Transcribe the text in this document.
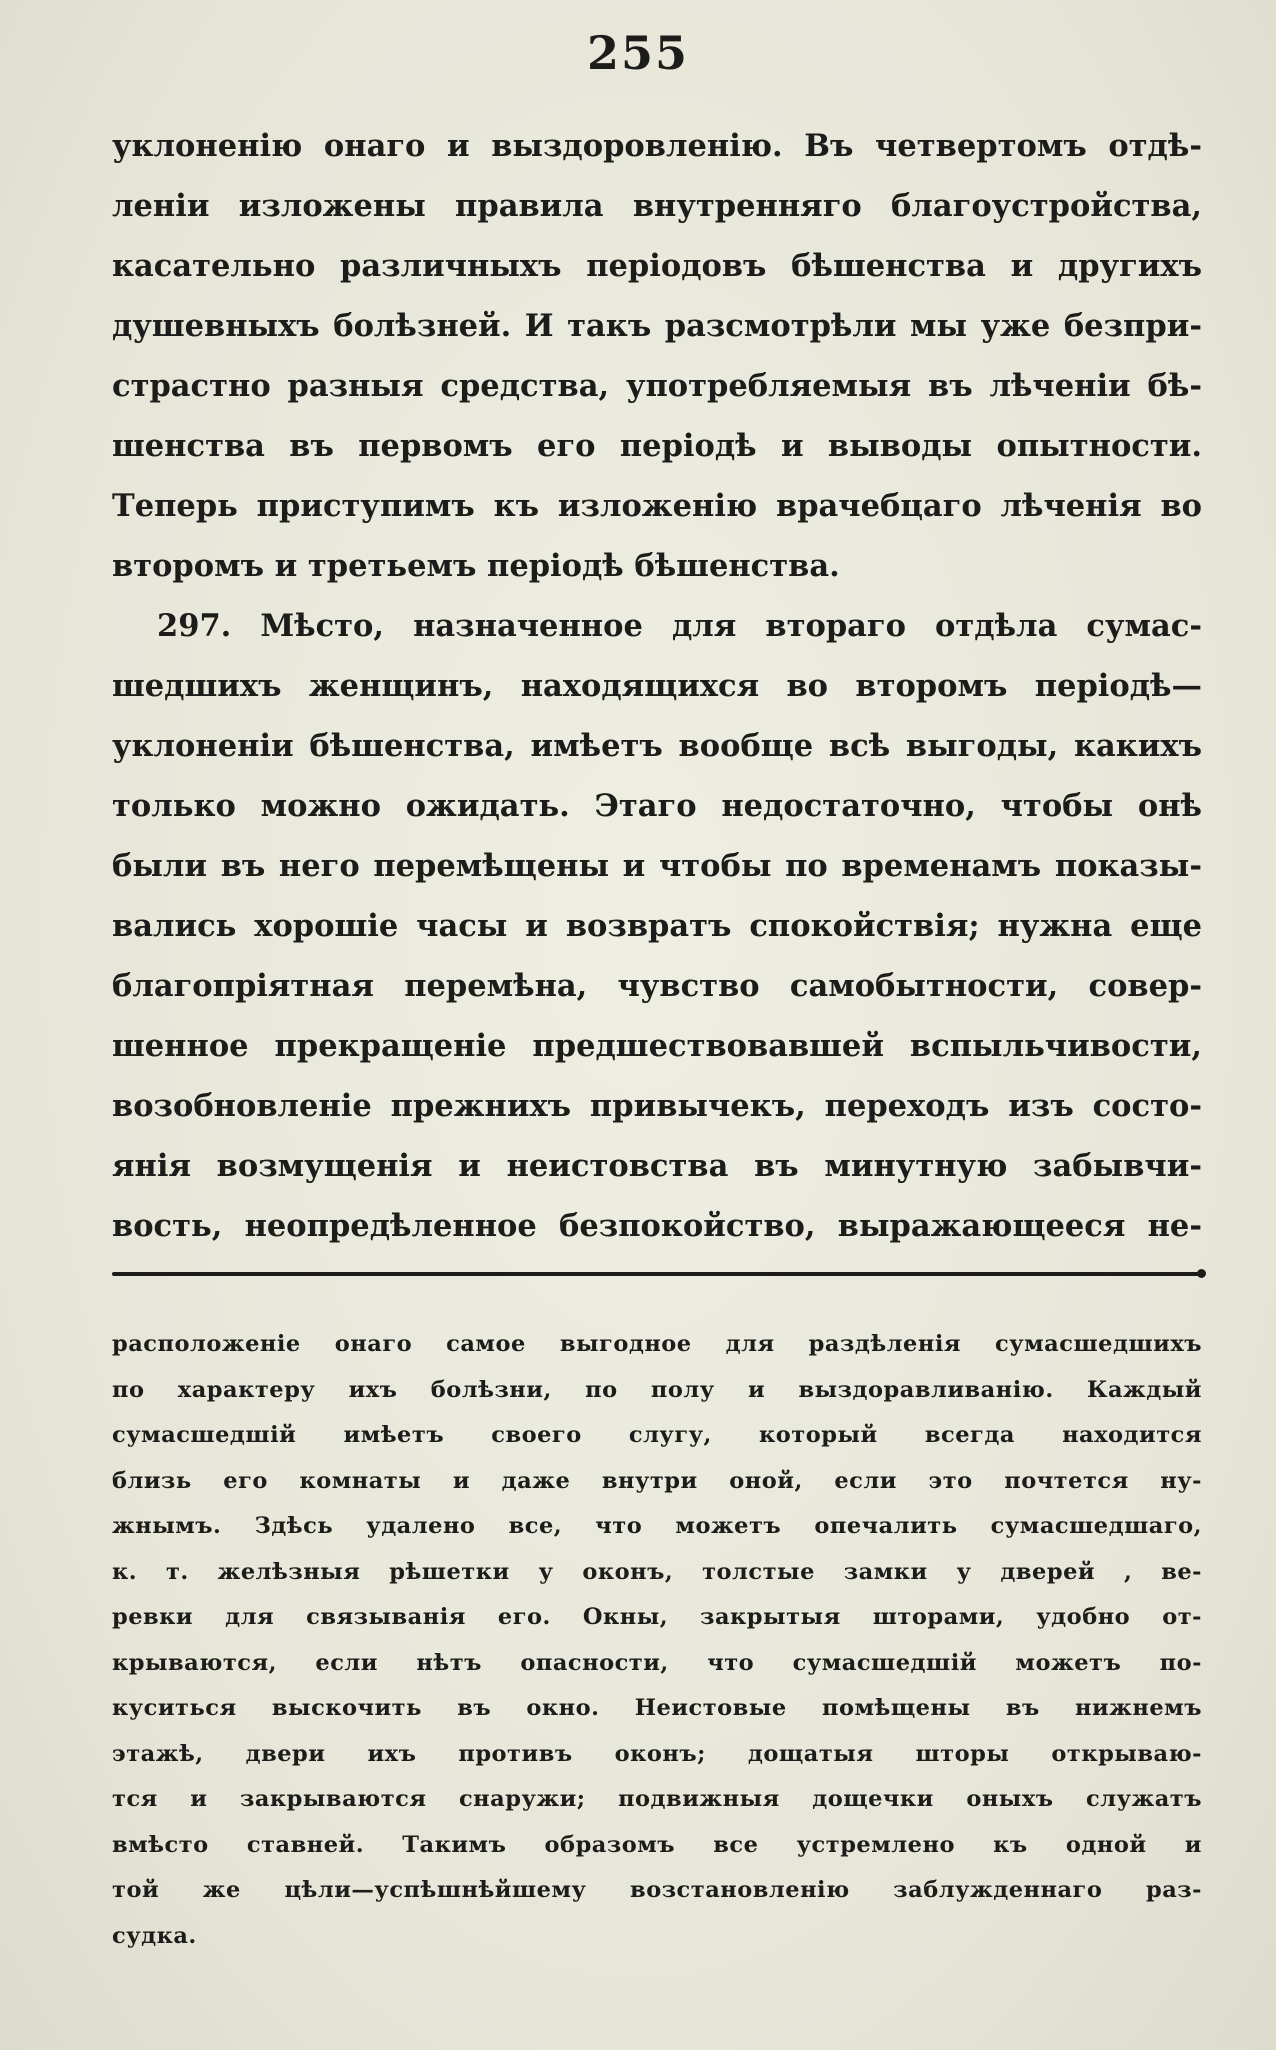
255
уклоненію онаго и выздоровленію. Въ четвертомъ отдѣ-
леніи изложены правила внутренняго благоустройства,
касательно различныхъ періодовъ бѣшенства и другихъ
душевныхъ болѣзней. И такъ разсмотрѣли мы уже безпри-
страстно разныя средства, употребляемыя въ лѣченіи бѣ-
шенства въ первомъ его періодѣ и выводы опытности.
Теперь приступимъ къ изложенію врачебцаго лѣченія во
второмъ и третьемъ періодѣ бѣшенства.
297. Мѣсто, назначенное для втораго отдѣла сумас-
шедшихъ женщинъ, находящихся во второмъ періодѣ—
уклоненіи бѣшенства, имѣетъ вообще всѣ выгоды, какихъ
только можно ожидать. Этаго недостаточно, чтобы онѣ
были въ него перемѣщены и чтобы по временамъ показы-
вались хорошіе часы и возвратъ спокойствія; нужна еще
благопріятная перемѣна, чувство самобытности, совер-
шенное прекращеніе предшествовавшей вспыльчивости,
возобновленіе прежнихъ привычекъ, переходъ изъ состо-
янія возмущенія и неистовства въ минутную забывчи-
вость, неопредѣленное безпокойство, выражающееся не-
расположеніе онаго самое выгодное для раздѣленія сумасшедшихъ
по характеру ихъ болѣзни, по полу и выздоравливанію. Каждый
сумасшедшій имѣетъ своего слугу, который всегда находится
близь его комнаты и даже внутри оной, если это почтется ну-
жнымъ. Здѣсь удалено все, что можетъ опечалить сумасшедшаго,
к. т. желѣзныя рѣшетки у оконъ, толстые замки у дверей , ве-
ревки для связыванія его. Окны, закрытыя шторами, удобно от-
крываются, если нѣтъ опасности, что сумасшедшій можетъ по-
куситься выскочить въ окно. Неистовые помѣщены въ нижнемъ
этажѣ, двери ихъ противъ оконъ; дощатыя шторы открываю-
тся и закрываются снаружи; подвижныя дощечки оныхъ служатъ
вмѣсто ставней. Такимъ образомъ все устремлено къ одной и
той же цѣли—успѣшнѣйшему возстановленію заблужденнаго раз-
судка.
